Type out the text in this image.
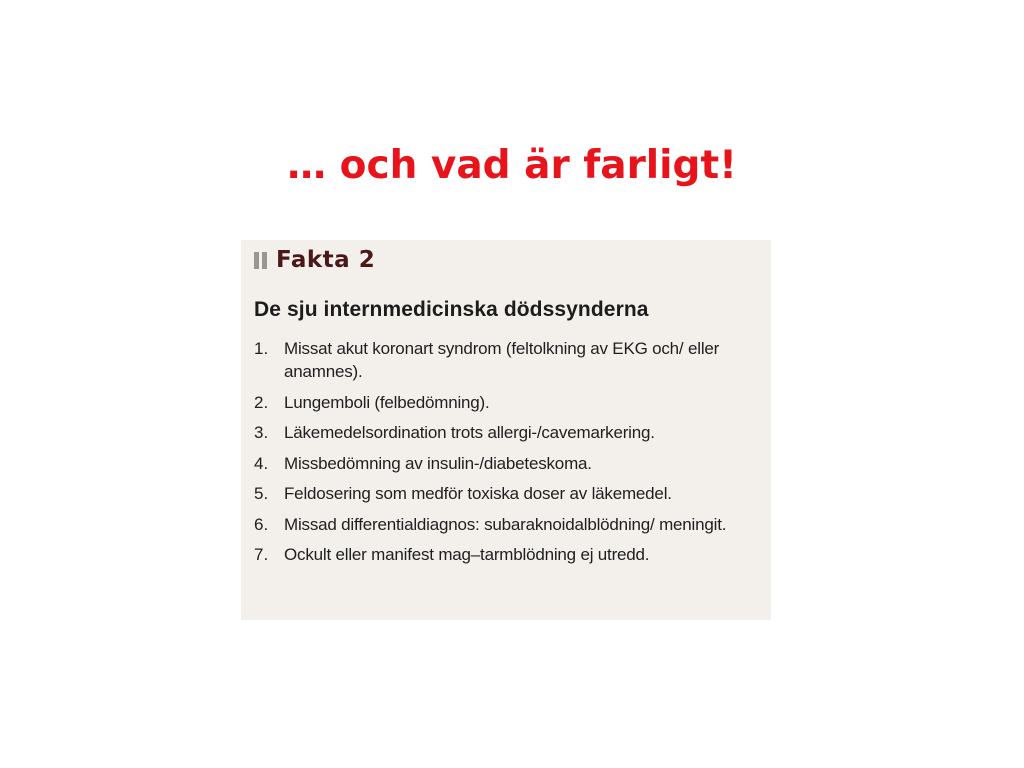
… och vad är farligt!
Fakta 2
De sju internmedicinska dödssynderna
1. Missat akut koronart syndrom (feltolkning av EKG och/ eller anamnes).
2. Lungemboli (felbedömning).
3. Läkemedelsordination trots allergi-/cavemarkering.
4. Missbedömning av insulin-/diabeteskoma.
5. Feldosering som medför toxiska doser av läkemedel.
6. Missad differentialdiagnos: subaraknoidalblödning/ meningit.
7. Ockult eller manifest mag–tarmblödning ej utredd.
